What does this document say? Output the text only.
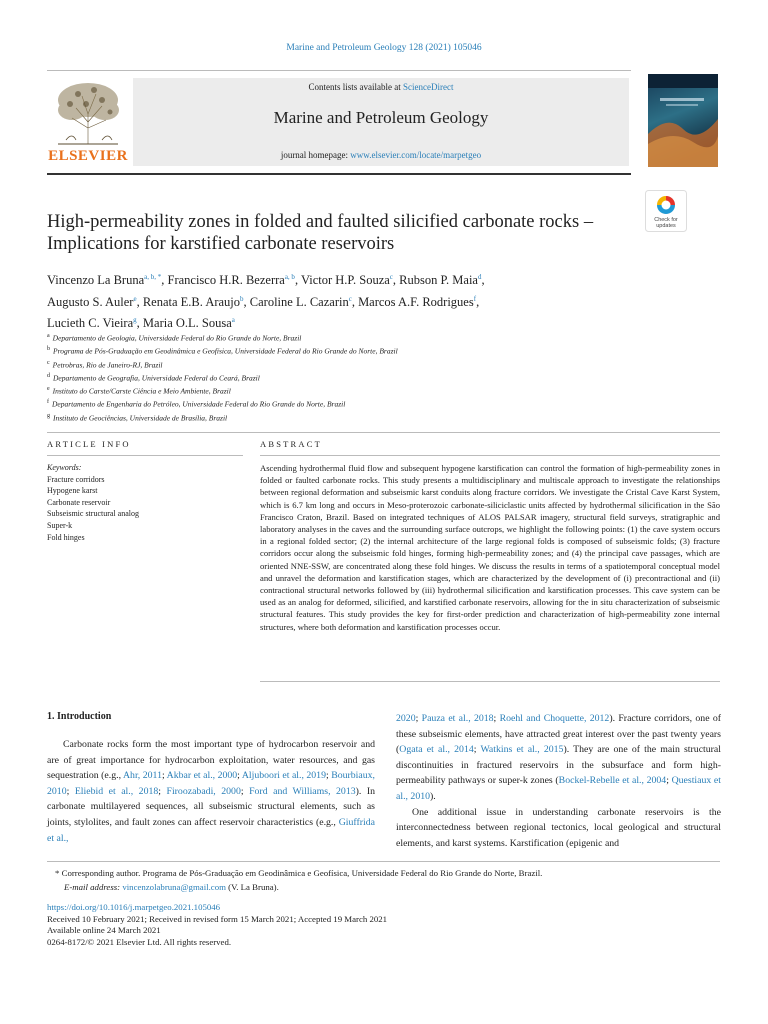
Marine and Petroleum Geology 128 (2021) 105046
ELSEVIER
Contents lists available at ScienceDirect
Marine and Petroleum Geology
journal homepage: www.elsevier.com/locate/marpetgeo
Check for updates
High-permeability zones in folded and faulted silicified carbonate rocks – Implications for karstified carbonate reservoirs
Vincenzo La Bruna$^{a, b, *}$, Francisco H.R. Bezerra$^{a, b}$, Victor H.P. Souza$^c$, Rubson P. Maia$^d$,
Augusto S. Auler$^e$, Renata E.B. Araujo$^b$, Caroline L. Cazarin$^c$, Marcos A.F. Rodrigues$^f$,
Lucieth C. Vieira$^g$, Maria O.L. Sousa$^a$
$^a$ Departamento de Geologia, Universidade Federal do Rio Grande do Norte, Brazil
$^b$ Programa de Pós-Graduação em Geodinâmica e Geofísica, Universidade Federal do Rio Grande do Norte, Brazil
$^c$ Petrobras, Rio de Janeiro-RJ, Brazil
$^d$ Departamento de Geografia, Universidade Federal do Ceará, Brazil
$^e$ Instituto do Carste/Carste Ciência e Meio Ambiente, Brazil
$^f$ Departamento de Engenharia do Petróleo, Universidade Federal do Rio Grande do Norte, Brazil
$^g$ Instituto de Geociências, Universidade de Brasília, Brazil
ARTICLE INFO	ABSTRACT
Keywords:
Fracture corridors
Hypogene karst
Carbonate reservoir
Subseismic structural analog
Super-k
Fold hinges
Ascending hydrothermal fluid flow and subsequent hypogene karstification can control the formation of high-permeability zones in folded or faulted carbonate rocks. This study presents a multidisciplinary and multiscale approach to investigate the relationships between regional deformation and subseismic karst conduits along fracture corridors. We investigate the Cristal Cave Karst System, which is 6.7 km long and occurs in Meso-proterozoic carbonate-siliciclastic units affected by hydrothermal silicification in the São Francisco Craton, Brazil. Based on integrated techniques of ALOS PALSAR imagery, structural field surveys, stratigraphic and laboratory analyses in the caves and the surrounding surface outcrops, we highlight the following points: (1) the cave system occurs in a regional folded sector; (2) the internal architecture of the large regional folds is composed of subseismic folds; (3) fracture corridors occur along the subseismic fold hinges, forming high-permeability zones; and (4) the principal cave passages, which are oriented NNE-SSW, are concentrated along these fold hinges. We discuss the results in terms of a spatiotemporal conceptual model and unravel the deformation and karstification stages, which are characterized by the development of (i) precontractional and (ii) contractional structural networks followed by (iii) hydrothermal silicification and karstification processes. This cave system can be used as an analog for deformed, silicified, and karstified carbonate reservoirs, allowing for the in situ characterization of subseismic structural features. This study provides the key for first-order prediction and characterization of high-permeability zone internal structures, where both deformation and karstification processes occur.
1. Introduction

Carbonate rocks form the most important type of hydrocarbon reservoir and are of great importance for hydrocarbon exploitation, water resources, and gas sequestration (e.g., Ahr, 2011; Akbar et al., 2000; Aljuboori et al., 2019; Bourbiaux, 2010; Eliebid et al., 2018; Firoozabadi, 2000; Ford and Williams, 2013). In carbonate multilayered sequences, all subseismic structural elements, such as joints, stylolites, and fault zones can affect reservoir characteristics (e.g., Giuffrida et al.,

2020; Pauza et al., 2018; Roehl and Choquette, 2012). Fracture corridors, one of these subseismic elements, have attracted great interest over the past twenty years (Ogata et al., 2014; Watkins et al., 2015). They are one of the main structural discontinuities in fractured reservoirs in the subsurface and form high-permeability pathways or super-k zones (Bockel-Rebelle et al., 2004; Questiaux et al., 2010).

One additional issue in understanding carbonate reservoirs is the interconnectedness between regional tectonics, local geological and structural elements, and karst systems. Karstification (epigenic and

* Corresponding author. Programa de Pós-Graduação em Geodinâmica e Geofísica, Universidade Federal do Rio Grande do Norte, Brazil.
E-mail address: vincenzolabruna@gmail.com (V. La Bruna).
https://doi.org/10.1016/j.marpetgeo.2021.105046
Received 10 February 2021; Received in revised form 15 March 2021; Accepted 19 March 2021
Available online 24 March 2021
0264-8172/© 2021 Elsevier Ltd. All rights reserved.
